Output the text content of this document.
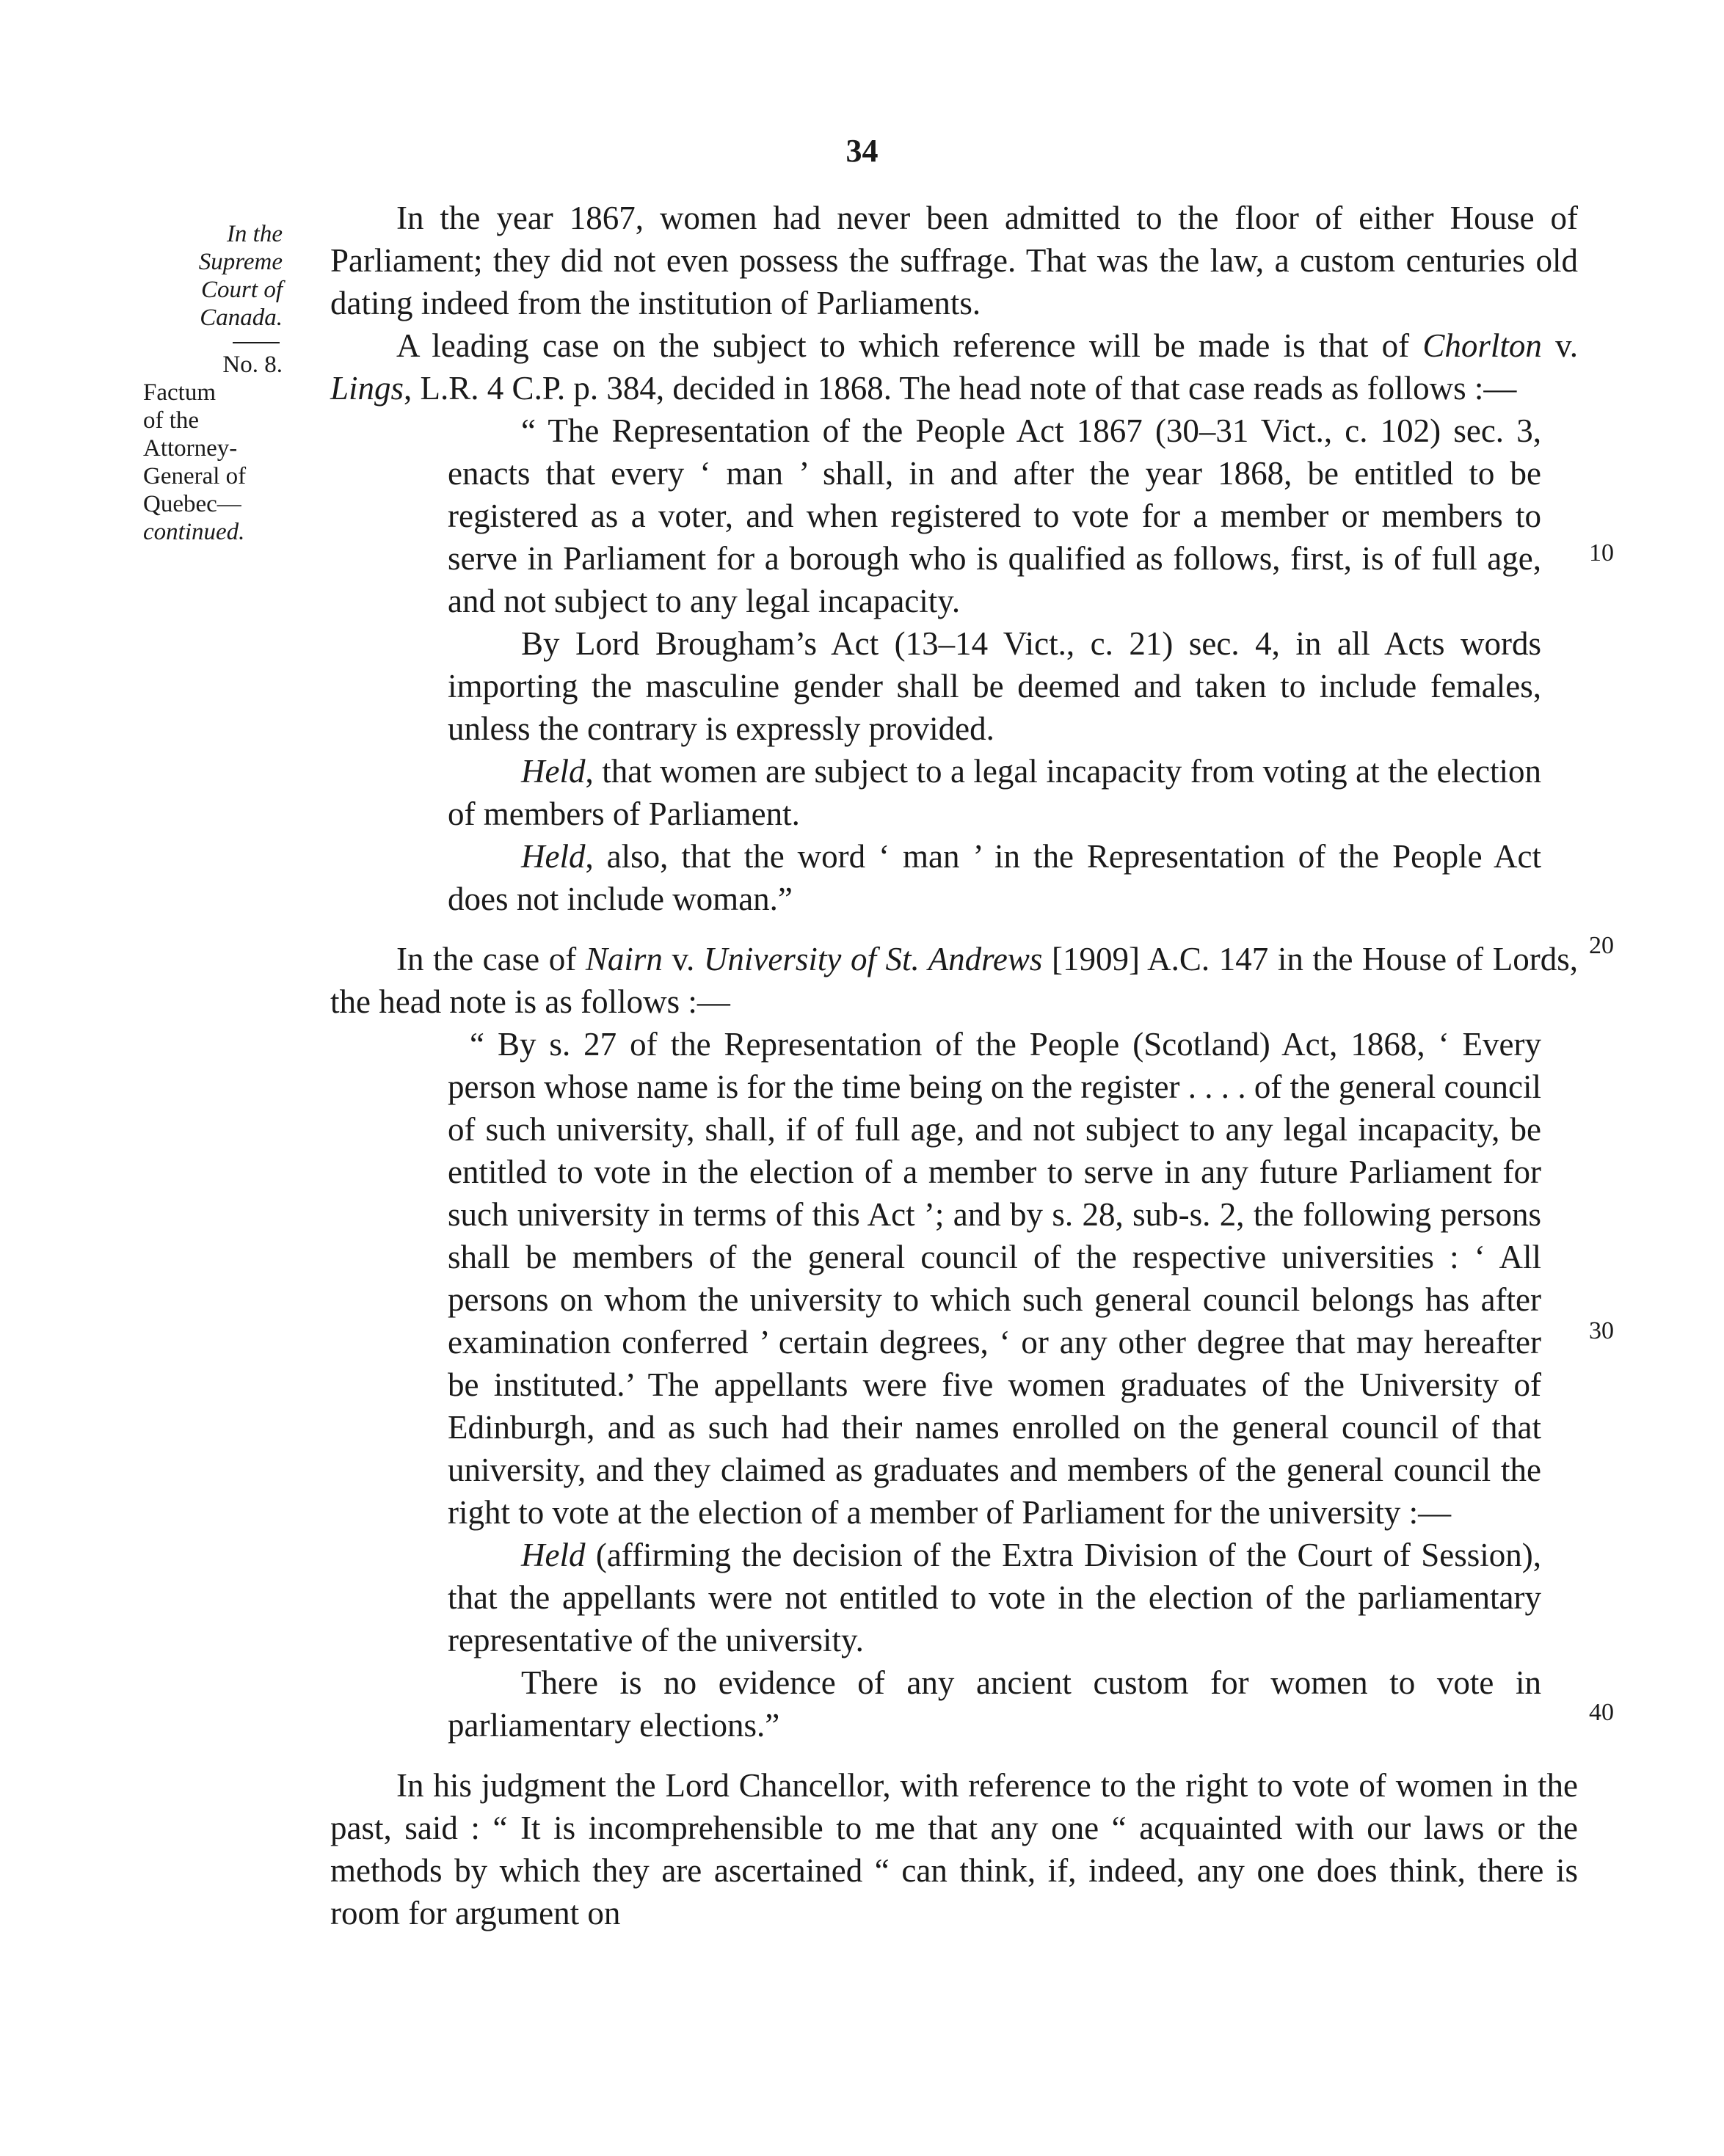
34
In the
Supreme
Court of
Canada.
No. 8.
Factum
of the
Attorney-
General of
Quebec—
continued.

In the year 1867, women had never been admitted to the floor of either House of Parliament; they did not even possess the suffrage. That was the law, a custom centuries old dating indeed from the institution of Parliaments.

A leading case on the subject to which reference will be made is that of Chorlton v. Lings, L.R. 4 C.P. p. 384, decided in 1868. The head note of that case reads as follows :—

“ The Representation of the People Act 1867 (30–31 Vict., c. 102) sec. 3, enacts that every ‘ man ’ shall, in and after the year 1868, be entitled to be registered as a voter, and when registered to vote for a member or members to serve in Parliament for a borough who is qualified as follows, first, is of full age, and not subject to any legal incapacity.

By Lord Brougham’s Act (13–14 Vict., c. 21) sec. 4, in all Acts words importing the masculine gender shall be deemed and taken to include females, unless the contrary is expressly provided.

Held, that women are subject to a legal incapacity from voting at the election of members of Parliament.

Held, also, that the word ‘ man ’ in the Representation of the People Act does not include woman.”

In the case of Nairn v. University of St. Andrews [1909] A.C. 147 in the House of Lords, the head note is as follows :—

“ By s. 27 of the Representation of the People (Scotland) Act, 1868, ‘ Every person whose name is for the time being on the register . . . . of the general council of such university, shall, if of full age, and not subject to any legal incapacity, be entitled to vote in the election of a member to serve in any future Parliament for such university in terms of this Act ’; and by s. 28, sub-s. 2, the following persons shall be members of the general council of the respective universities : ‘ All persons on whom the university to which such general council belongs has after examination conferred ’ certain degrees, ‘ or any other degree that may hereafter be instituted.’ The appellants were five women graduates of the University of Edinburgh, and as such had their names enrolled on the general council of that university, and they claimed as graduates and members of the general council the right to vote at the election of a member of Parliament for the university :—

Held (affirming the decision of the Extra Division of the Court of Session), that the appellants were not entitled to vote in the election of the parliamentary representative of the university.

There is no evidence of any ancient custom for women to vote in parliamentary elections.”

In his judgment the Lord Chancellor, with reference to the right to vote of women in the past, said : “ It is incomprehensible to me that any one “ acquainted with our laws or the methods by which they are ascertained “ can think, if, indeed, any one does think, there is room for argument on

10
20
30
40
